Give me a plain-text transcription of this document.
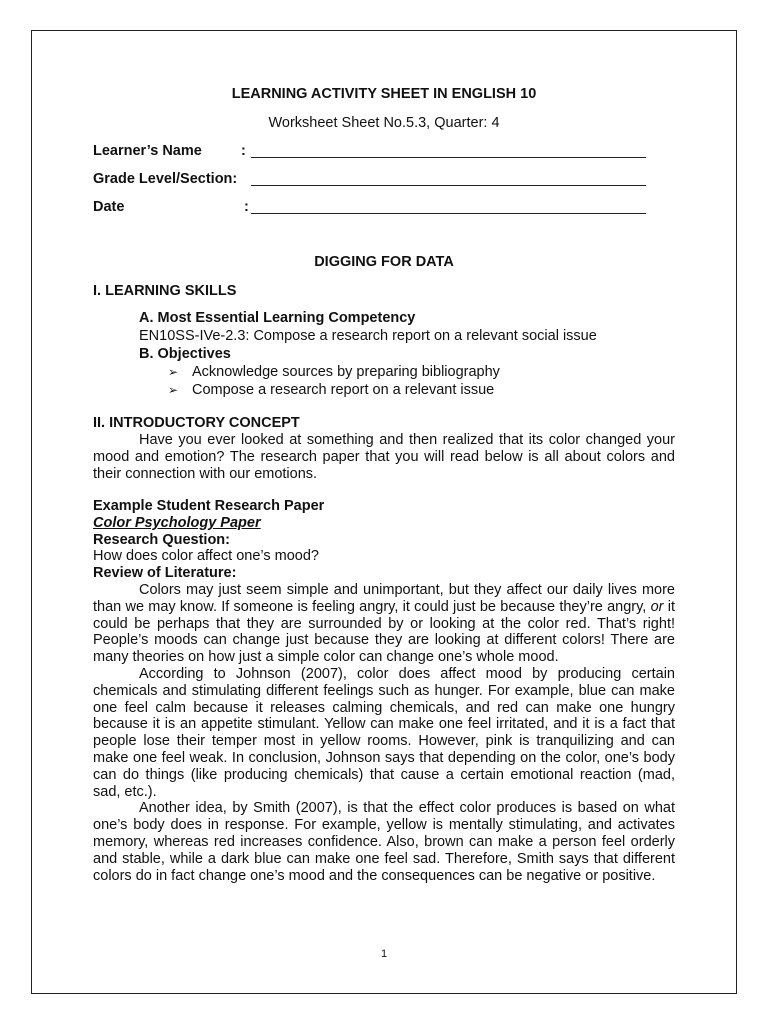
LEARNING ACTIVITY SHEET IN ENGLISH 10
Worksheet Sheet No.5.3, Quarter: 4
Learner’s Name	:
Grade Level/Section:
Date	:
DIGGING FOR DATA
I. LEARNING SKILLS
A. Most Essential Learning Competency
EN10SS-IVe-2.3: Compose a research report on a relevant social issue
B. Objectives
➢ Acknowledge sources by preparing bibliography
➢ Compose a research report on a relevant issue
II. INTRODUCTORY CONCEPT

Have you ever looked at something and then realized that its color changed your mood and emotion? The research paper that you will read below is all about colors and their connection with our emotions.

Example Student Research Paper
Color Psychology Paper
Research Question:
How does color affect one’s mood?
Review of Literature:

Colors may just seem simple and unimportant, but they affect our daily lives more than we may know. If someone is feeling angry, it could just be because they’re angry, or it could be perhaps that they are surrounded by or looking at the color red. That’s right! People’s moods can change just because they are looking at different colors! There are many theories on how just a simple color can change one’s whole mood.

According to Johnson (2007), color does affect mood by producing certain chemicals and stimulating different feelings such as hunger. For example, blue can make one feel calm because it releases calming chemicals, and red can make one hungry because it is an appetite stimulant. Yellow can make one feel irritated, and it is a fact that people lose their temper most in yellow rooms. However, pink is tranquilizing and can make one feel weak. In conclusion, Johnson says that depending on the color, one’s body can do things (like producing chemicals) that cause a certain emotional reaction (mad, sad, etc.).

Another idea, by Smith (2007), is that the effect color produces is based on what one’s body does in response. For example, yellow is mentally stimulating, and activates memory, whereas red increases confidence. Also, brown can make a person feel orderly and stable, while a dark blue can make one feel sad. Therefore, Smith says that different colors do in fact change one’s mood and the consequences can be negative or positive.

1
